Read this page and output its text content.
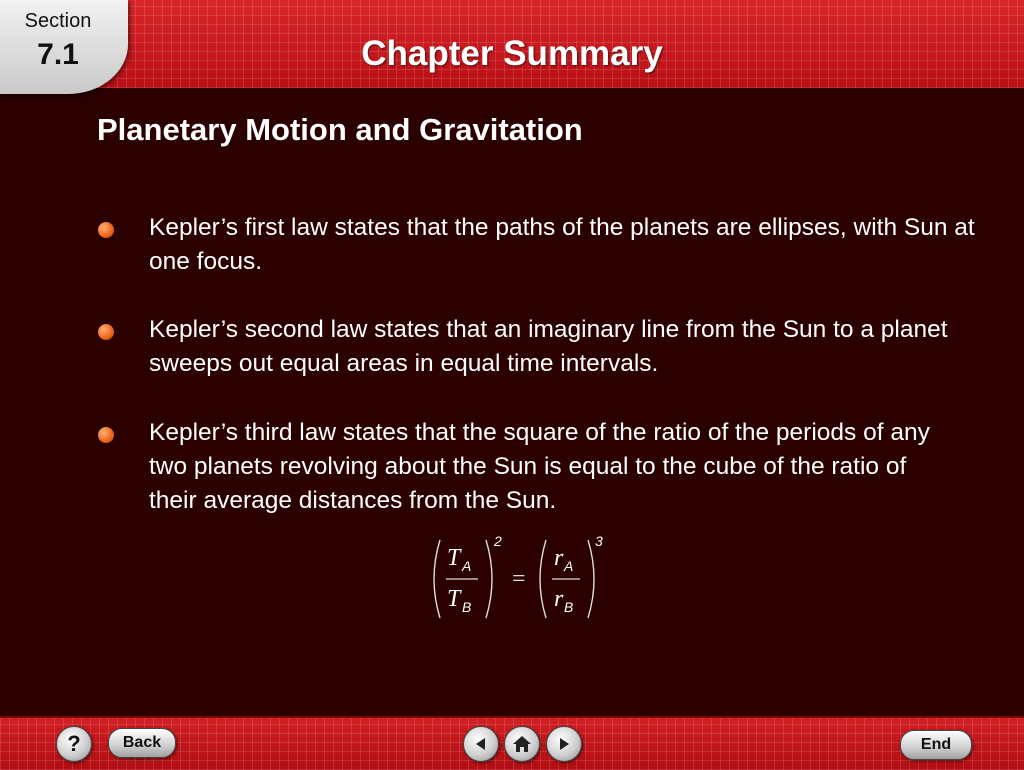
Section
7.1	Chapter Summary
Planetary Motion and Gravitation
Kepler’s first law states that the paths of the planets are ellipses, with Sun at one focus.
Kepler’s second law states that an imaginary line from the Sun to a planet sweeps out equal areas in equal time intervals.
Kepler’s third law states that the square of the ratio of the periods of any two planets revolving about the Sun is equal to the cube of the ratio of their average distances from the Sun.
T A
T B
2
=
r A
r B
3
?	Back	End
